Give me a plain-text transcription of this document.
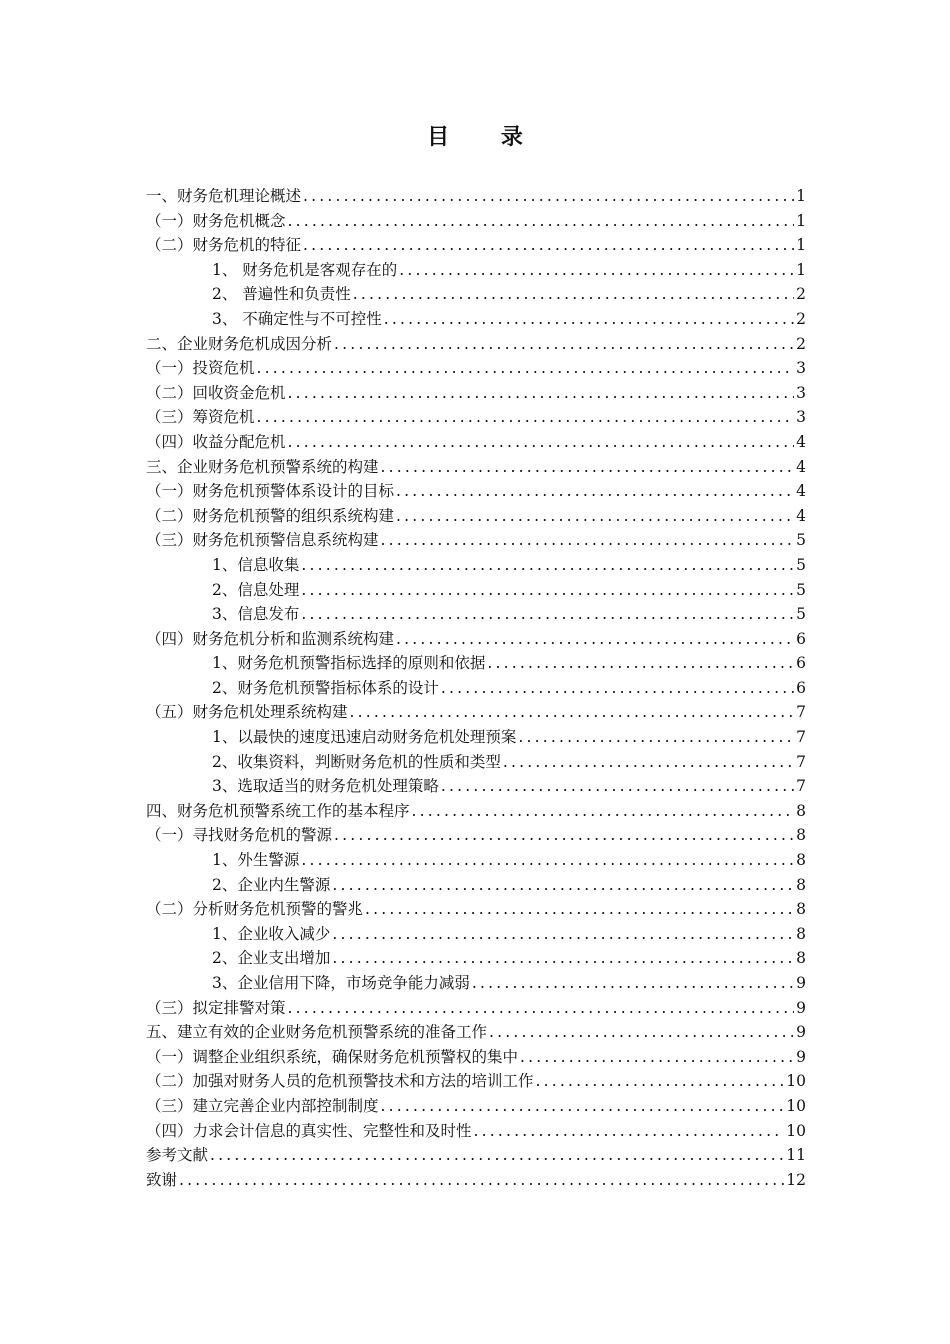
目 录
一、财务危机理论概述 .....	1
（一）财务危机概念 .....	1
（二）财务危机的特征 .....	1
1、 财务危机是客观存在的 .....	1
2、 普遍性和负责性 .....	2
3、 不确定性与不可控性 .....	2
二、企业财务危机成因分析 .....	2
（一）投资危机 .....	3
（二）回收资金危机 .....	3
（三）筹资危机 .....	3
（四）收益分配危机 .....	4
三、企业财务危机预警系统的构建 .....	4
（一）财务危机预警体系设计的目标 .....	4
（二）财务危机预警的组织系统构建 .....	4
（三）财务危机预警信息系统构建 .....	5
1、信息收集 .....	5
2、信息处理 .....	5
3、信息发布 .....	5
（四）财务危机分析和监测系统构建 .....	6
1、财务危机预警指标选择的原则和依据 .....	6
2、财务危机预警指标体系的设计 .....	6
（五）财务危机处理系统构建 .....	7
1、以最快的速度迅速启动财务危机处理预案 .....	7
2、收集资料，判断财务危机的性质和类型 .....	7
3、选取适当的财务危机处理策略 .....	7
四、财务危机预警系统工作的基本程序 .....	8
（一）寻找财务危机的警源 .....	8
1、外生警源 .....	8
2、企业内生警源 .....	8
（二）分析财务危机预警的警兆 .....	8
1、企业收入减少 .....	8
2、企业支出增加 .....	8
3、企业信用下降，市场竞争能力减弱 .....	9
（三）拟定排警对策 .....	9
五、建立有效的企业财务危机预警系统的准备工作 .....	9
（一）调整企业组织系统，确保财务危机预警权的集中 .....	9
（二）加强对财务人员的危机预警技术和方法的培训工作 .....	10
（三）建立完善企业内部控制制度 .....	10
（四）力求会计信息的真实性、完整性和及时性 .....	10
参考文献 .....	11
致谢 .....	12
